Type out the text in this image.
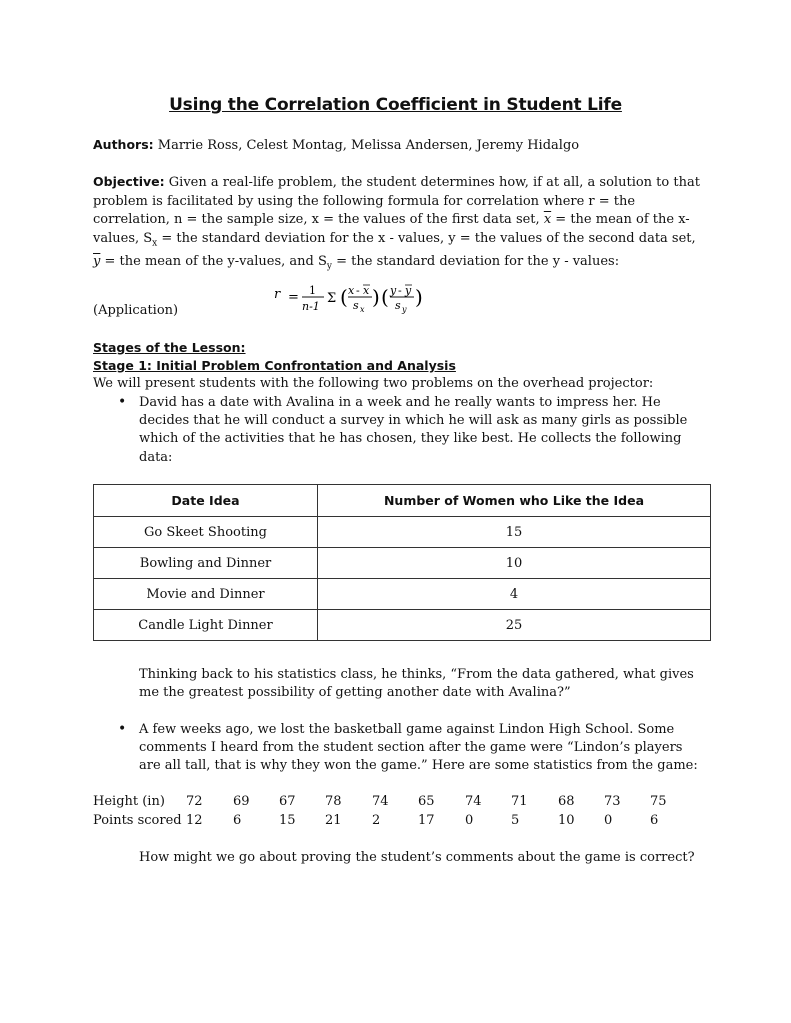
Using the Correlation Coefficient in Student Life
Authors: Marrie Ross, Celest Montag, Melissa Andersen, Jeremy Hidalgo
Objective: Given a real-life problem, the student determines how, if at all, a solution to that problem is facilitated by using the following formula for correlation where r = the correlation, n = the sample size, x = the values of the first data set, $\overline{x}$ = the mean of the x-values, $S_x$ = the standard deviation for the x - values, y = the values of the second data set, $\overline{y}$ = the mean of the y-values, and $S_y$ = the standard deviation for the y - values:
r = 1
n-1
Σ ( x - x
s x
) ( y - y
s y
)
(Application)
Stages of the Lesson:
Stage 1: Initial Problem Confrontation and Analysis
We will present students with the following two problems on the overhead projector:
• David has a date with Avalina in a week and he really wants to impress her. He decides that he will conduct a survey in which he will ask as many girls as possible which of the activities that he has chosen, they like best. He collects the following data:
Date Idea	Number of Women who Like the Idea
Go Skeet Shooting	15
Bowling and Dinner	10
Movie and Dinner	4
Candle Light Dinner	25
Thinking back to his statistics class, he thinks, “From the data gathered, what gives me the greatest possibility of getting another date with Avalina?”
• A few weeks ago, we lost the basketball game against Lindon High School. Some comments I heard from the student section after the game were “Lindon’s players are all tall, that is why they won the game.” Here are some statistics from the game:
Height (in) 72 69 67 78 74 65 74 71 68 73 75
Points scored 12 6	15 21 2	17 0	5	10 0	6
How might we go about proving the student’s comments about the game is correct?
